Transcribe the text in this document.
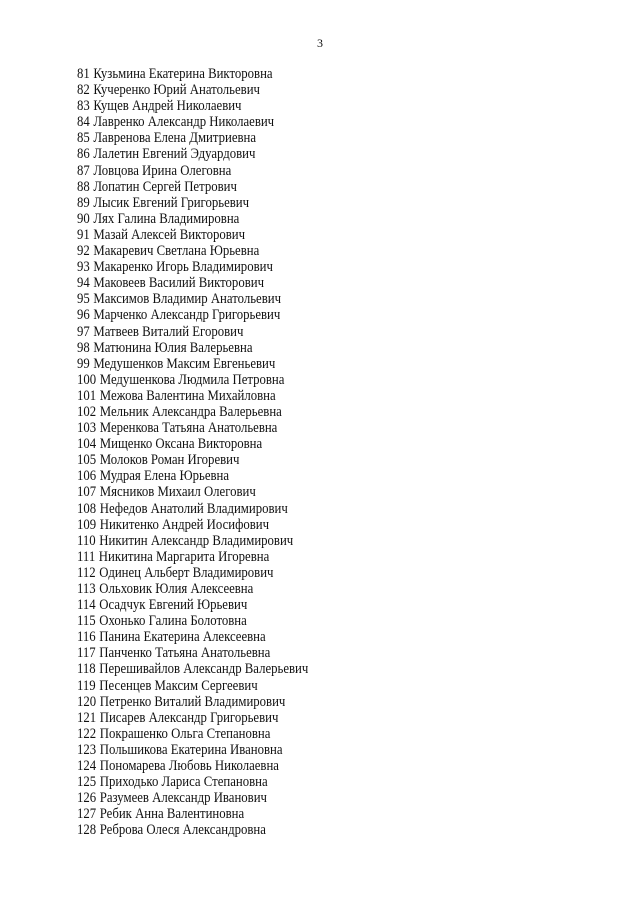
3
81 Кузьмина Екатерина Викторовна
82 Кучеренко Юрий Анатольевич
83 Кущев Андрей Николаевич
84 Лавренко Александр Николаевич
85 Лавренова Елена Дмитриевна
86 Лалетин Евгений Эдуардович
87 Ловцова Ирина Олеговна
88 Лопатин Сергей Петрович
89 Лысик Евгений Григорьевич
90 Лях Галина Владимировна
91 Мазай Алексей Викторович
92 Макаревич Светлана Юрьевна
93 Макаренко Игорь Владимирович
94 Маковеев Василий Викторович
95 Максимов Владимир Анатольевич
96 Марченко Александр Григорьевич
97 Матвеев Виталий Егорович
98 Матюнина Юлия Валерьевна
99 Медушенков Максим Евгеньевич
100 Медушенкова Людмила Петровна
101 Межова Валентина Михайловна
102 Мельник Александра Валерьевна
103 Меренкова Татьяна Анатольевна
104 Мищенко Оксана Викторовна
105 Молоков Роман Игоревич
106 Мудрая Елена Юрьевна
107 Мясников Михаил Олегович
108 Нефедов Анатолий Владимирович
109 Никитенко Андрей Иосифович
110 Никитин Александр Владимирович
111 Никитина Маргарита Игоревна
112 Одинец Альберт Владимирович
113 Ольховик Юлия Алексеевна
114 Осадчук Евгений Юрьевич
115 Охонько Галина Болотовна
116 Панина Екатерина Алексеевна
117 Панченко Татьяна Анатольевна
118 Перешивайлов Александр Валерьевич
119 Песенцев Максим Сергеевич
120 Петренко Виталий Владимирович
121 Писарев Александр Григорьевич
122 Покрашенко Ольга Степановна
123 Польшикова Екатерина Ивановна
124 Пономарева Любовь Николаевна
125 Приходько Лариса Степановна
126 Разумеев Александр Иванович
127 Ребик Анна Валентиновна
128 Реброва Олеся Александровна
